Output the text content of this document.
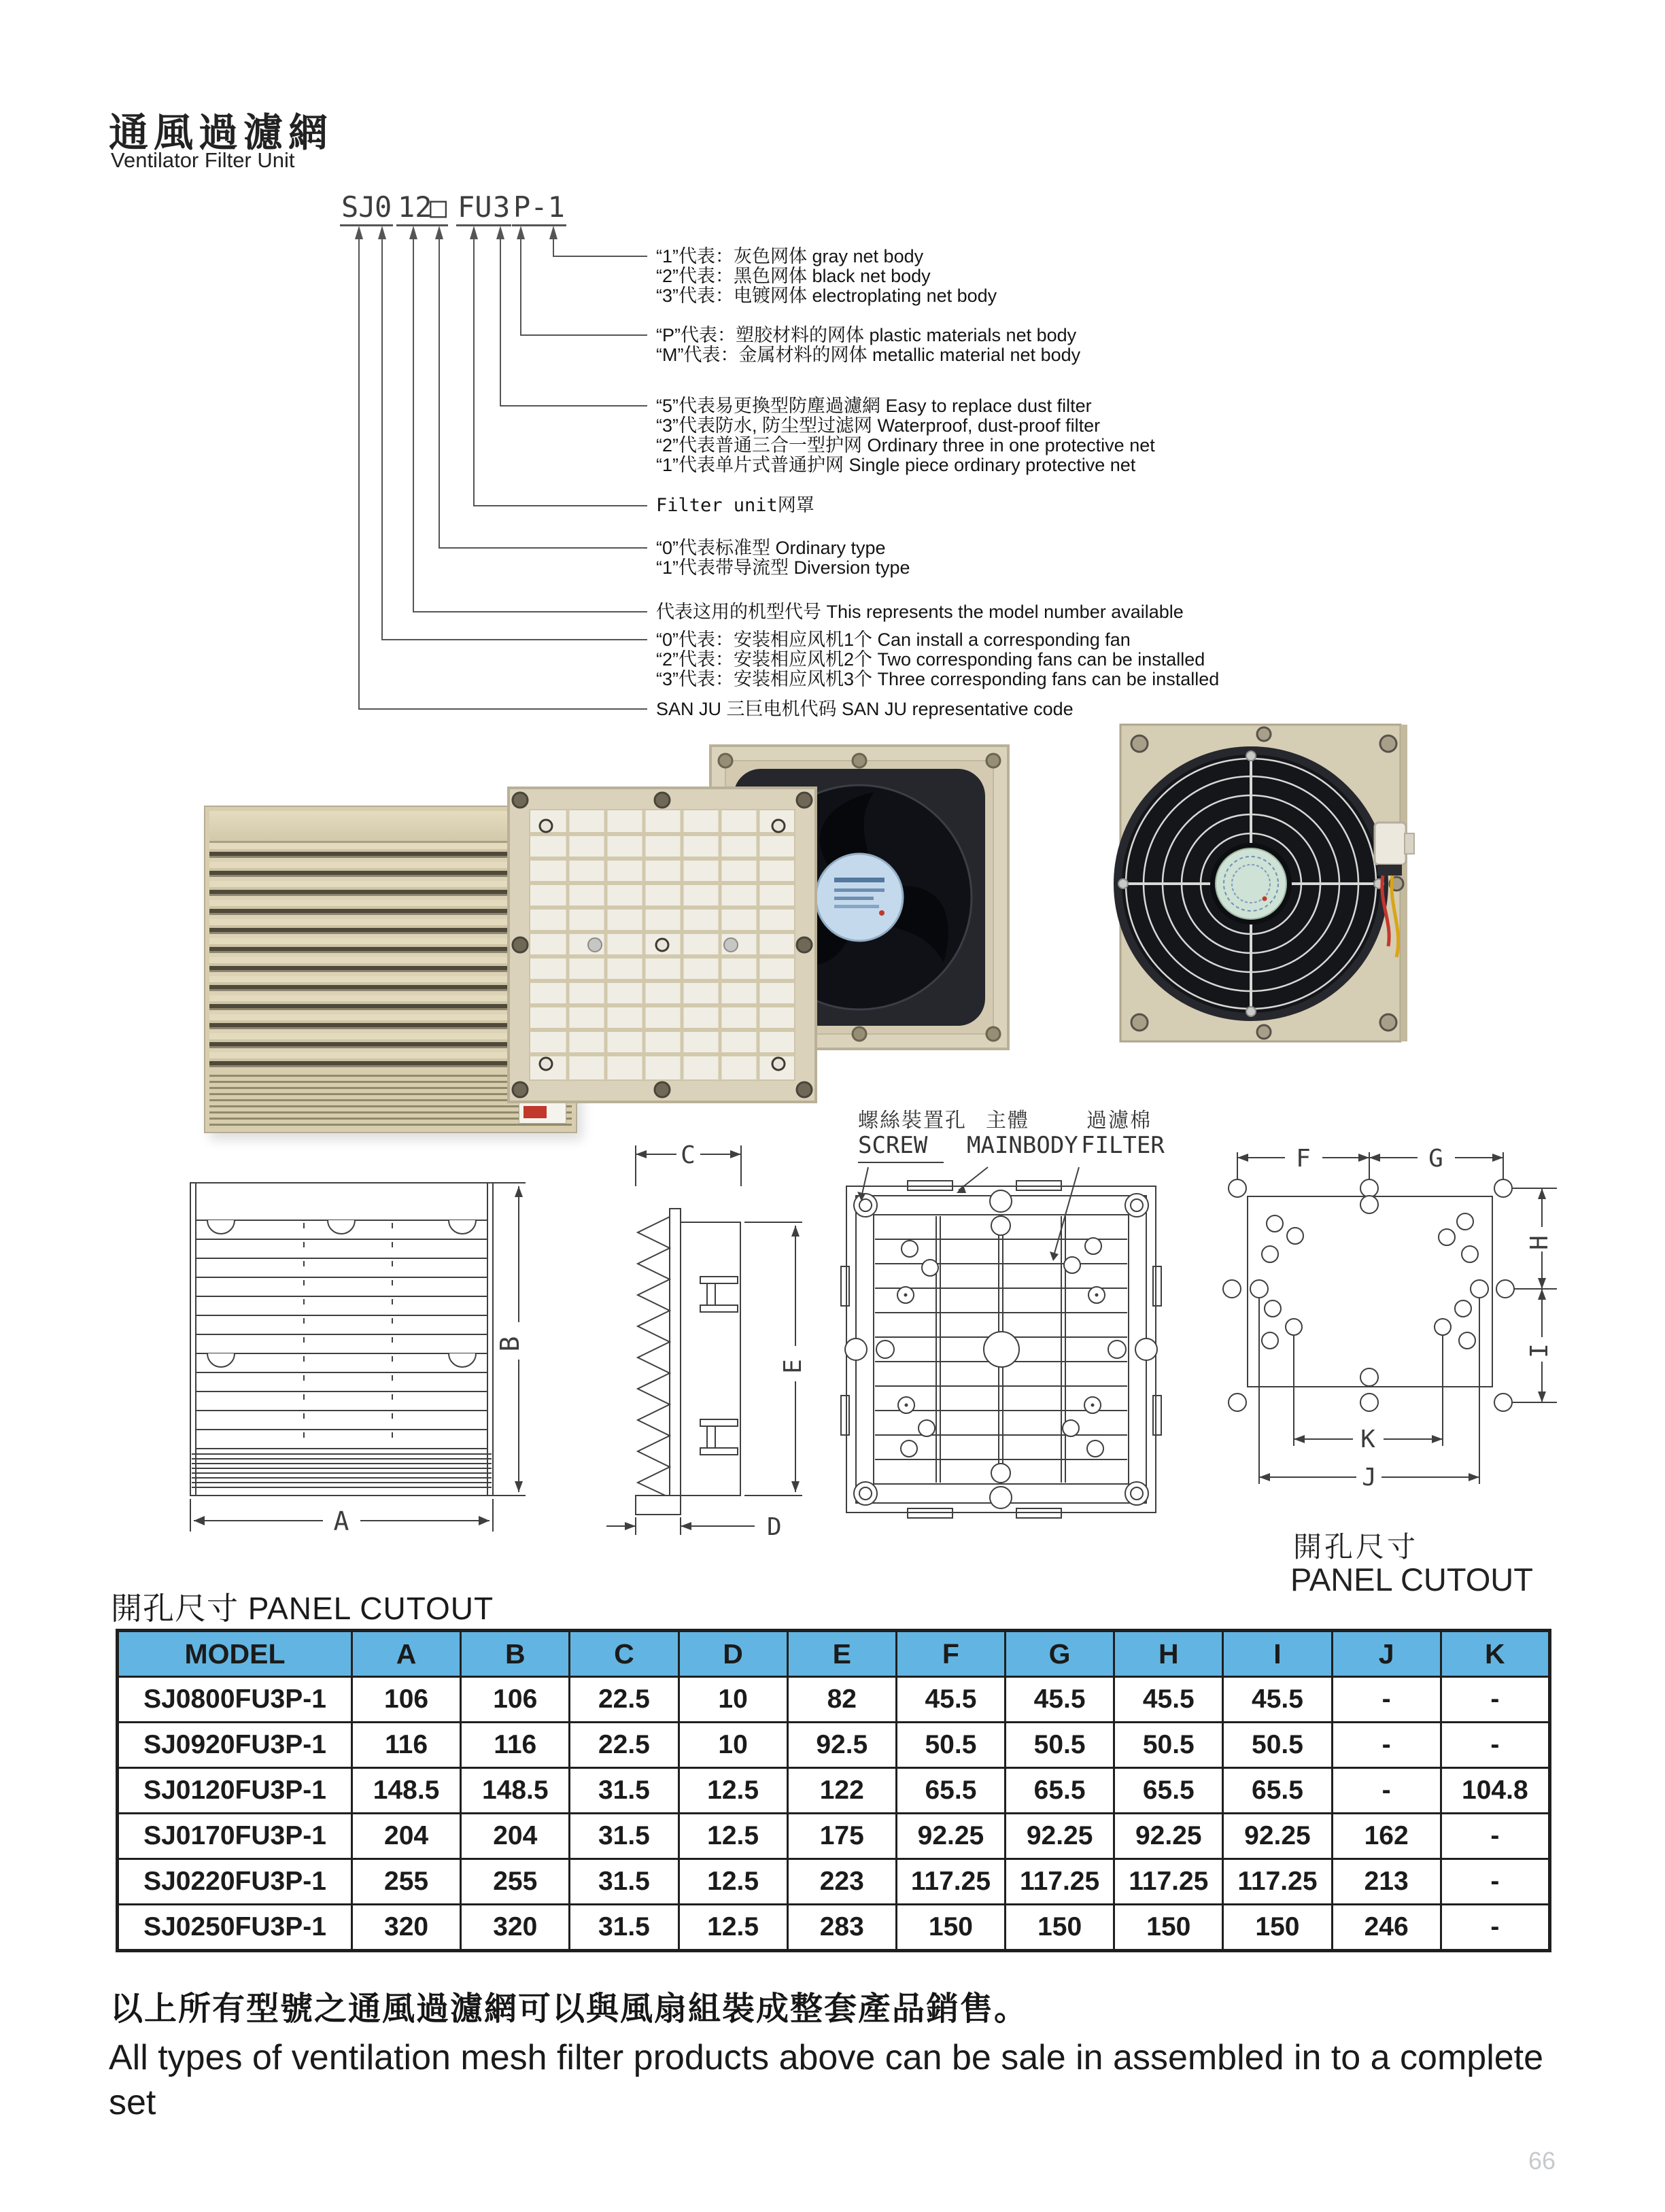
通風過濾網
Ventilator Filter Unit
SJ
0 12
□ FU 3 P-1
“1”代表：灰色网体 gray net body
“2”代表：黑色网体 black net body
“3”代表：电镀网体 electroplating net body
“P”代表：塑胶材料的网体 plastic materials net body
“M”代表：金属材料的网体 metallic material net body
“5”代表易更換型防塵過濾網 Easy to replace dust filter
“3”代表防水, 防尘型过滤网 Waterproof, dust-proof filter
“2”代表普通三合一型护网 Ordinary three in one protective net
“1”代表单片式普通护网 Single piece ordinary protective net
Filter unit网罩
“0”代表标准型 Ordinary type
“1”代表带导流型 Diversion type
代表这用的机型代号 This represents the model number available
“0”代表：安装相应风机1个 Can install a corresponding fan
“2”代表：安装相应风机2个 Two corresponding fans can be installed
“3”代表：安装相应风机3个 Three corresponding fans can be installed
SAN JU 三巨电机代码 SAN JU representative code
A
B
C
E
D
螺絲裝置孔
SCREW
主體
MAINBODY
過濾棉
FILTER	F	G
H
I
K
J
開孔尺寸
PANEL CUTOUT
開孔尺寸 PANEL CUTOUT
MODEL	A	B	C	D	E	F	G	H	I	J	K
SJ0800FU3P-1	106	106	22.5	10	82	45.5	45.5	45.5	45.5	-	-
SJ0920FU3P-1	116	116	22.5	10	92.5	50.5	50.5	50.5	50.5	-	-
SJ0120FU3P-1	148.5	148.5	31.5	12.5	122	65.5	65.5	65.5	65.5	-	104.8
SJ0170FU3P-1	204	204	31.5	12.5	175	92.25	92.25	92.25	92.25	162	-
SJ0220FU3P-1	255	255	31.5	12.5	223	117.25	117.25	117.25	117.25	213	-
SJ0250FU3P-1	320	320	31.5	12.5	283	150	150	150	150	246	-
以上所有型號之通風過濾網可以與風扇組裝成整套產品銷售。
All types of ventilation mesh filter products above can be sale in assembled in to a complete set
66
